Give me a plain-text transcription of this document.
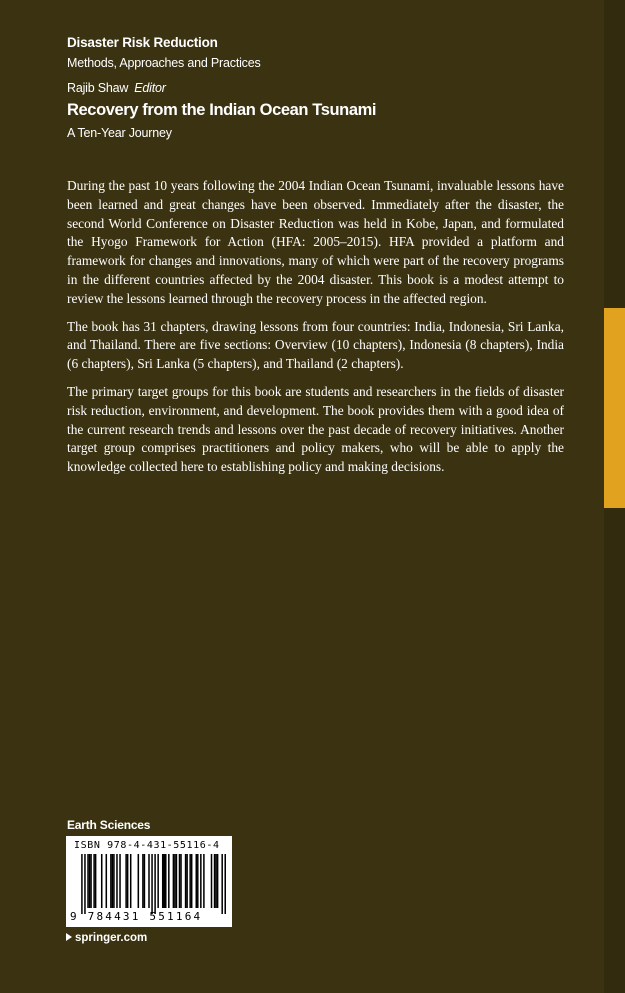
Disaster Risk Reduction
Methods, Approaches and Practices
Rajib Shaw Editor
Recovery from the Indian Ocean Tsunami
A Ten-Year Journey

During the past 10 years following the 2004 Indian Ocean Tsunami, invaluable lessons have been learned and great changes have been observed. Immediately after the disaster, the second World Conference on Disaster Reduction was held in Kobe, Japan, and formulated the Hyogo Framework for Action (HFA: 2005–2015). HFA provided a platform and framework for changes and innovations, many of which were part of the recovery programs in the different countries affected by the 2004 disaster. This book is a modest attempt to review the lessons learned through the recovery process in the affected region.

The book has 31 chapters, drawing lessons from four countries: India, Indonesia, Sri Lanka, and Thailand. There are five sections: Overview (10 chapters), Indonesia (8 chapters), India (6 chapters), Sri Lanka (5 chapters), and Thailand (2 chapters).

The primary target groups for this book are students and researchers in the fields of disaster risk reduction, environment, and development. The book provides them with a good idea of the current research trends and lessons over the past decade of recovery initiatives. Another target group comprises practitioners and policy makers, who will be able to apply the knowledge collected here to establishing policy and making decisions.

Earth Sciences
ISBN 978-4-431-55116-4
9 784431 551164
springer.com
